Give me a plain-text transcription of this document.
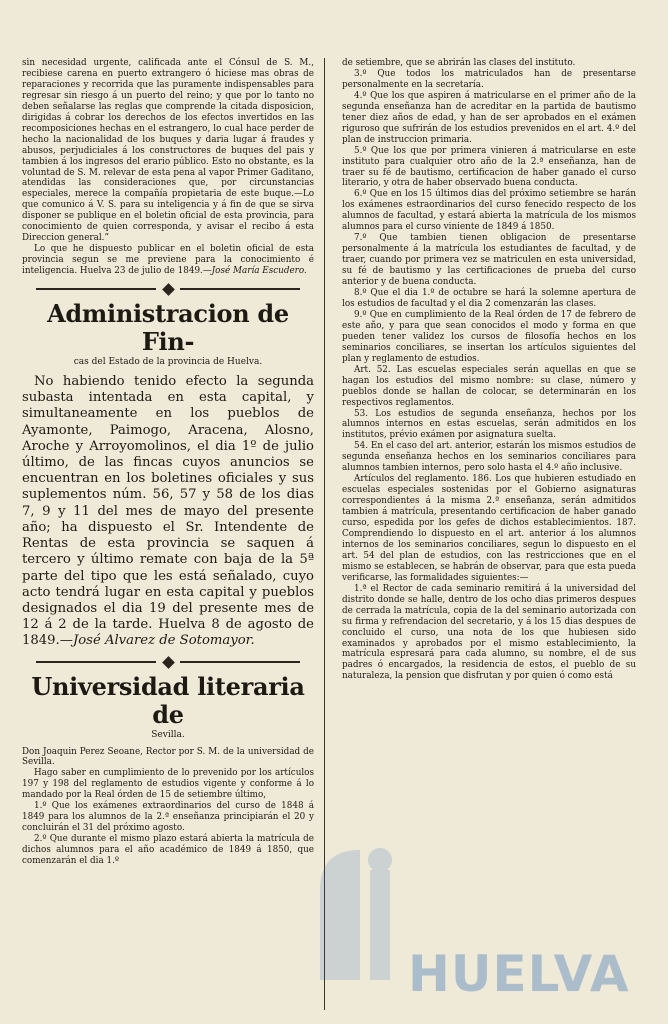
sin necesidad urgente, calificada ante el Cónsul de S. M., recibiese carena en puerto extrangero ó hiciese mas obras de reparaciones y recorrida que las puramente indispensables para regresar sin riesgo á un puerto del reino; y que por lo tanto no deben señalarse las reglas que comprende la citada disposicion, dirigidas á cobrar los derechos de los efectos invertidos en las recomposiciones hechas en el estrangero, lo cual hace perder de hecho la nacionalidad de los buques y daria lugar á fraudes y abusos, perjudiciales á los constructores de buques del pais y tambien á los ingresos del erario público. Esto no obstante, es la voluntad de S. M. relevar de esta pena al vapor Primer Gaditano, atendidas las consideraciones que, por circunstancias especiales, merece la compañía propietaria de este buque.—Lo que comunico á V. S. para su inteligencia y á fin de que se sirva disponer se publique en el boletin oficial de esta provincia, para conocimiento de quien corresponda, y avisar el recibo á esta Direccion general.”

Lo que he dispuesto publicar en el boletin oficial de esta provincia segun se me previene para la conocimiento é inteligencia. Huelva 23 de julio de 1849.—José María Escudero.

Administracion de Fin-

cas del Estado de la provincia de Huelva.

No habiendo tenido efecto la segunda subasta intentada en esta capital, y simultaneamente en los pueblos de Ayamonte, Paimogo, Aracena, Alosno, Aroche y Arroyomolinos, el dia 1º de julio último, de las fincas cuyos anuncios se encuentran en los boletines oficiales y sus suplementos núm. 56, 57 y 58 de los dias 7, 9 y 11 del mes de mayo del presente año; ha dispuesto el Sr. Intendente de Rentas de esta provincia se saquen á tercero y último remate con baja de la 5ª parte del tipo que les está señalado, cuyo acto tendrá lugar en esta capital y pueblos designados el dia 19 del presente mes de 12 á 2 de la tarde. Huelva 8 de agosto de 1849.—José Alvarez de Sotomayor.

Universidad literaria de

Sevilla.

Don Joaquin Perez Seoane, Rector por S. M. de la universidad de Sevilla.

Hago saber en cumplimiento de lo prevenido por los artículos 197 y 198 del reglamento de estudios vigente y conforme á lo mandado por la Real órden de 15 de setiembre último,

1.º Que los exámenes extraordinarios del curso de 1848 á 1849 para los alumnos de la 2.ª enseñanza principiarán el 20 y concluirán el 31 del próximo agosto.

2.º Que durante el mismo plazo estará abierta la matrícula de dichos alumnos para el año académico de 1849 á 1850, que comenzarán el dia 1.º

de setiembre, que se abrirán las clases del instituto.

3.º Que todos los matriculados han de presentarse personalmente en la secretaría.

4.º Que los que aspiren á matricularse en el primer año de la segunda enseñanza han de acreditar en la partida de bautismo tener diez años de edad, y han de ser aprobados en el exámen riguroso que sufrirán de los estudios prevenidos en el art. 4.º del plan de instruccion primaria.

5.º Que los que por primera vinieren á matricularse en este instituto para cualquier otro año de la 2.ª enseñanza, han de traer su fé de bautismo, certificacion de haber ganado el curso literario, y otra de haber observado buena conducta.

6.º Que en los 15 últimos dias del próximo setiembre se harán los exámenes estraordinarios del curso fenecido respecto de los alumnos de facultad, y estará abierta la matrícula de los mismos alumnos para el curso viniente de 1849 á 1850.

7.º Que tambien tienen obligacion de presentarse personalmente á la matrícula los estudiantes de facultad, y de traer, cuando por primera vez se matriculen en esta universidad, su fé de bautismo y las certificaciones de prueba del curso anterior y de buena conducta.

8.º Que el dia 1.º de octubre se hará la solemne apertura de los estudios de facultad y el dia 2 comenzarán las clases.

9.º Que en cumplimiento de la Real órden de 17 de febrero de este año, y para que sean conocidos el modo y forma en que pueden tener validez los cursos de filosofía hechos en los seminarios conciliares, se insertan los artículos siguientes del plan y reglamento de estudios.

Art. 52. Las escuelas especiales serán aquellas en que se hagan los estudios del mismo nombre: su clase, número y pueblos donde se hallan de colocar, se determinarán en los respectivos reglamentos.

53. Los estudios de segunda enseñanza, hechos por los alumnos internos en estas escuelas, serán admitidos en los institutos, prévio exámen por asignatura suelta.

54. En el caso del art. anterior, estarán los mismos estudios de segunda enseñanza hechos en los seminarios conciliares para alumnos tambien internos, pero solo hasta el 4.º año inclusive.

Artículos del reglamento. 186. Los que hubieren estudiado en escuelas especiales sostenidas por el Gobierno asignaturas correspondientes á la misma 2.ª enseñanza, serán admitidos tambien á matrícula, presentando certificacion de haber ganado curso, espedida por los gefes de dichos establecimientos. 187. Comprendiendo lo dispuesto en el art. anterior á los alumnos internos de los seminarios conciliares, segun lo dispuesto en el art. 54 del plan de estudios, con las restricciones que en el mismo se establecen, se habrán de observar, para que esta pueda verificarse, las formalidades siguientes:—

1.ª el Rector de cada seminario remitirá á la universidad del distrito donde se halle, dentro de los ocho dias primeros despues de cerrada la matrícula, copia de la del seminario autorizada con su firma y refrendacion del secretario, y á los 15 dias despues de concluido el curso, una nota de los que hubiesen sido examinados y aprobados por el mismo establecimiento, la matrícula espresará para cada alumno, su nombre, el de sus padres ó encargados, la residencia de estos, el pueblo de su naturaleza, la pension que disfrutan y por quien ó como está

HUELVA
